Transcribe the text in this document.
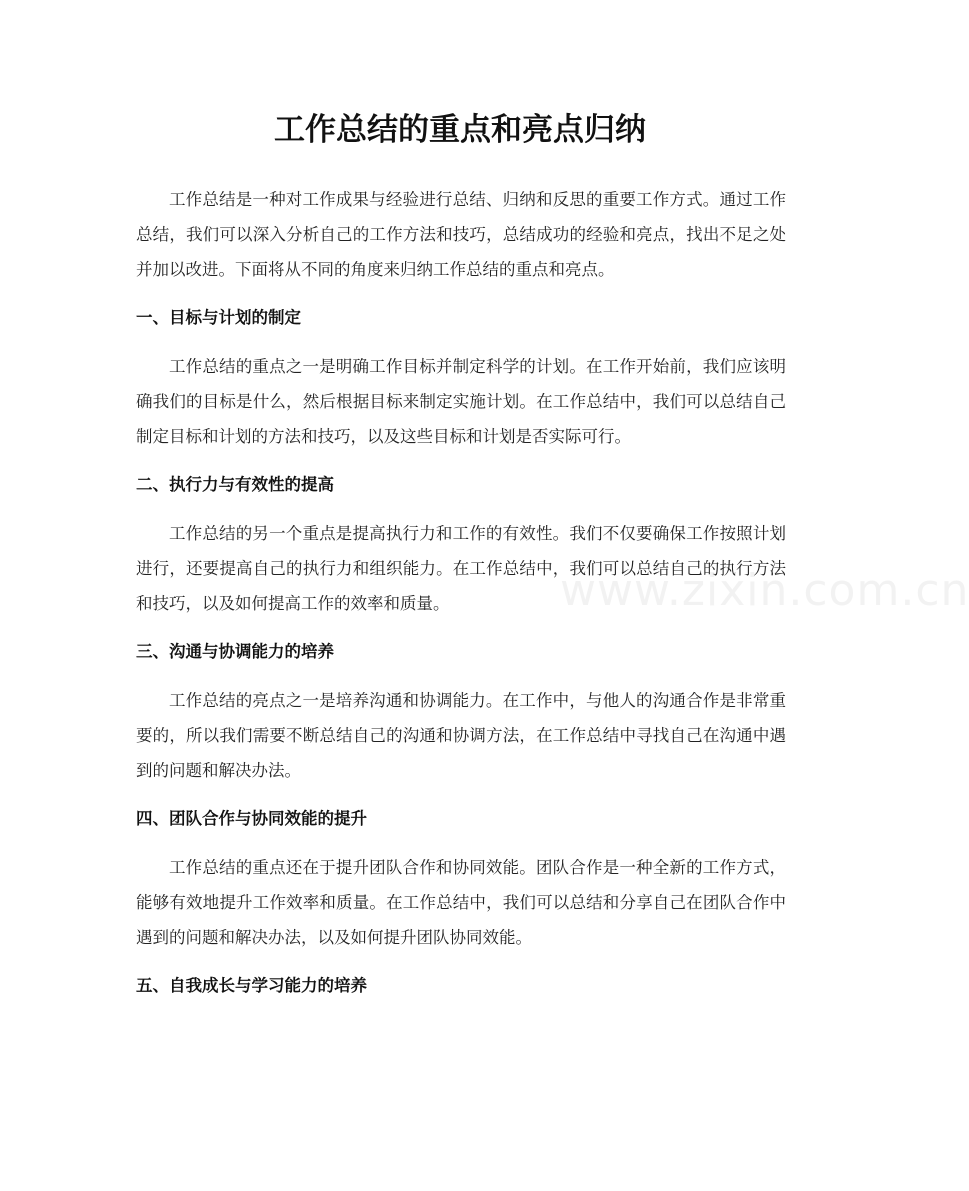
工作总结的重点和亮点归纳

工作总结是一种对工作成果与经验进行总结、归纳和反思的重要工作方式。通过工作总结，我们可以深入分析自己的工作方法和技巧，总结成功的经验和亮点，找出不足之处并加以改进。下面将从不同的角度来归纳工作总结的重点和亮点。

一、目标与计划的制定

工作总结的重点之一是明确工作目标并制定科学的计划。在工作开始前，我们应该明确我们的目标是什么，然后根据目标来制定实施计划。在工作总结中，我们可以总结自己制定目标和计划的方法和技巧，以及这些目标和计划是否实际可行。

二、执行力与有效性的提高

工作总结的另一个重点是提高执行力和工作的有效性。我们不仅要确保工作按照计划进行，还要提高自己的执行力和组织能力。在工作总结中，我们可以总结自己的执行方法和技巧，以及如何提高工作的效率和质量。

三、沟通与协调能力的培养

工作总结的亮点之一是培养沟通和协调能力。在工作中，与他人的沟通合作是非常重要的，所以我们需要不断总结自己的沟通和协调方法，在工作总结中寻找自己在沟通中遇到的问题和解决办法。

四、团队合作与协同效能的提升

工作总结的重点还在于提升团队合作和协同效能。团队合作是一种全新的工作方式，能够有效地提升工作效率和质量。在工作总结中，我们可以总结和分享自己在团队合作中遇到的问题和解决办法，以及如何提升团队协同效能。

五、自我成长与学习能力的培养
www.zixin.com.cn
